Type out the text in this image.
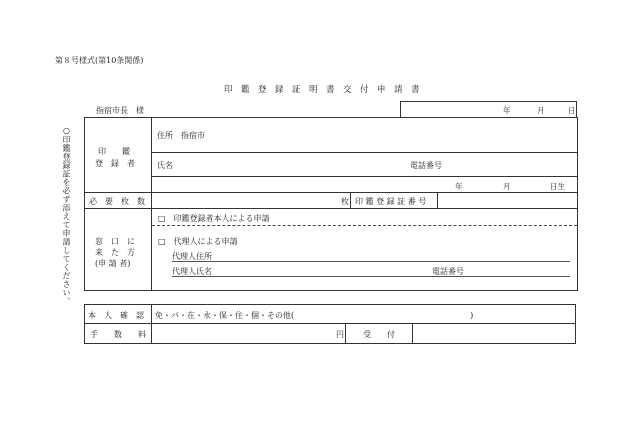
第８号様式(第10条関係)
印　鑑　登　録　証　明　書　交　付　申　請　書
○印鑑登録証を必ず添えて申請してください。
指宿市長　様	年	月	日
印　　鑑
登　録　者
住所　指宿市
氏名	電話番号
年	月	日生
必　要　枚　数	枚 印 鑑 登 録 証 番 号
窓　口　に
来　た　方
(申 請 者)
□　印鑑登録者本人による申請
□　代理人による申請
代理人住所
代理人氏名	電話番号
本　人　確　認 免・パ・在・永・保・住・個・その他(　　　　　　　　　　　　　　　　　　　　　　)
手　　数　　料	円 受　　付
